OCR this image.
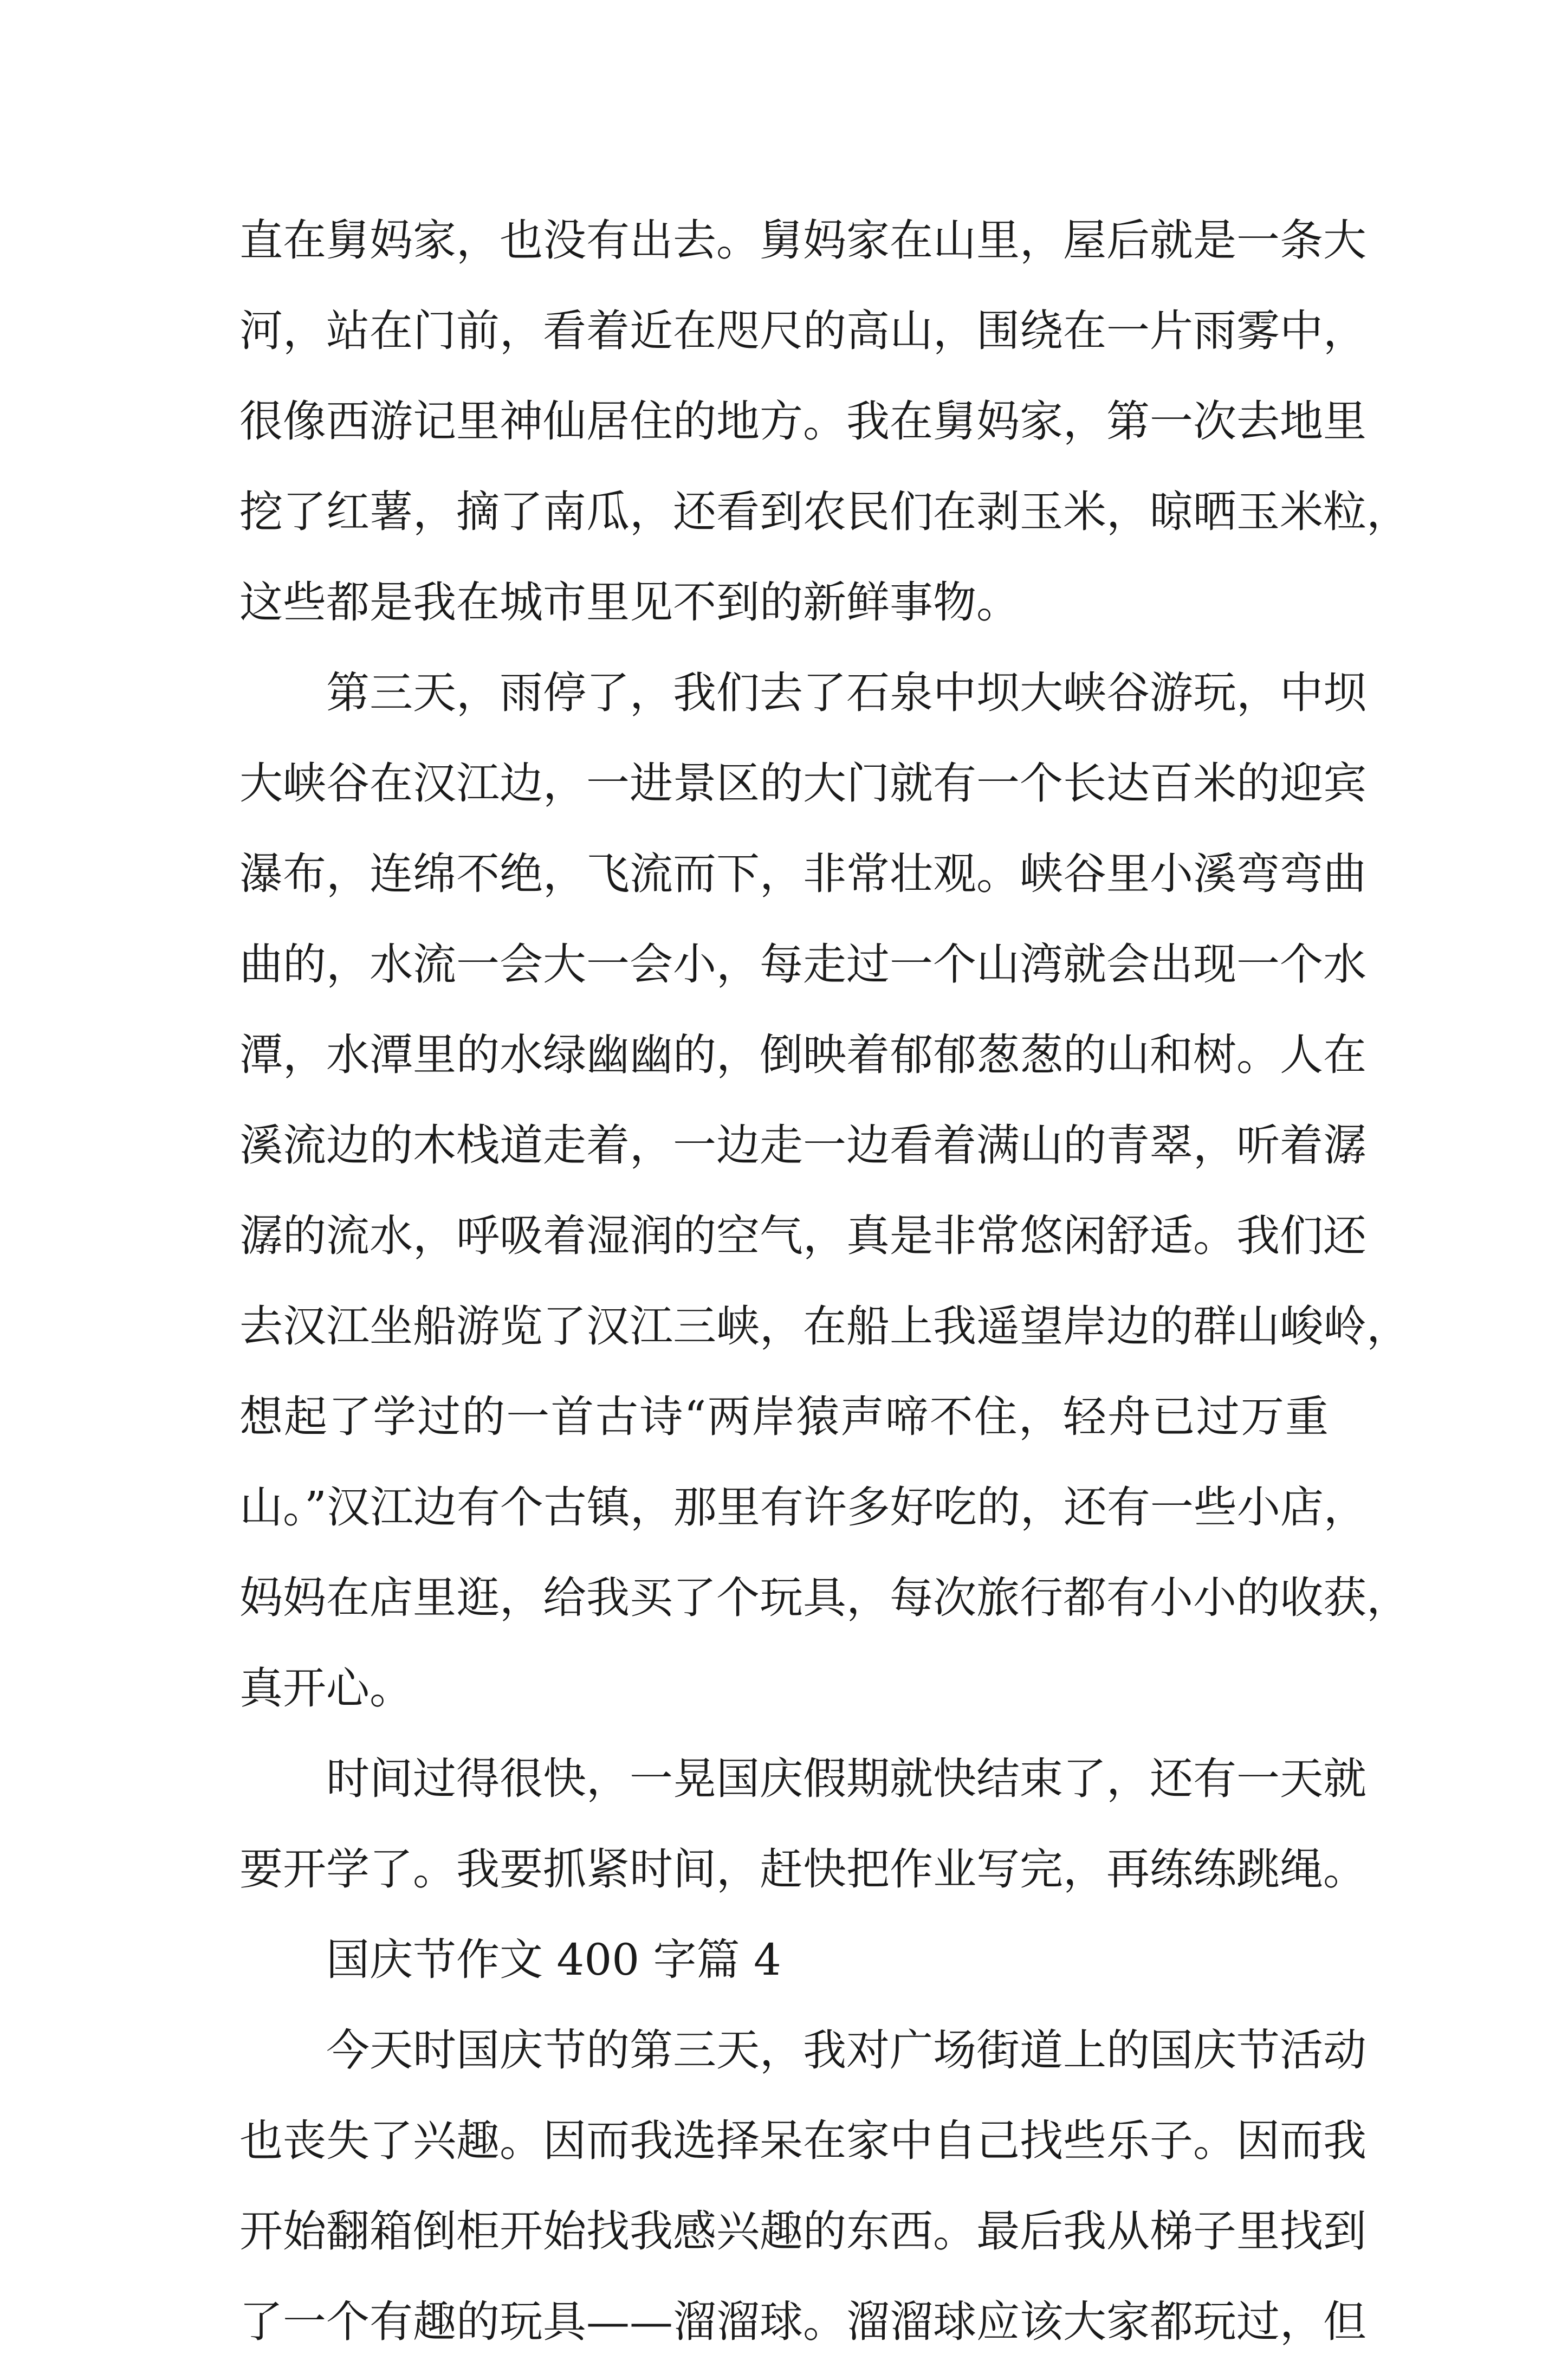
直在舅妈家，也没有出去。舅妈家在山里，屋后就是一条大
河，站在门前，看着近在咫尺的高山，围绕在一片雨雾中，
很像西游记里神仙居住的地方。我在舅妈家，第一次去地里
挖了红薯，摘了南瓜，还看到农民们在剥玉米，晾晒玉米粒，
这些都是我在城市里见不到的新鲜事物。
第三天，雨停了，我们去了石泉中坝大峡谷游玩，中坝
大峡谷在汉江边，一进景区的大门就有一个长达百米的迎宾
瀑布，连绵不绝，飞流而下，非常壮观。峡谷里小溪弯弯曲
曲的，水流一会大一会小，每走过一个山湾就会出现一个水
潭，水潭里的水绿幽幽的，倒映着郁郁葱葱的山和树。人在
溪流边的木栈道走着，一边走一边看着满山的青翠，听着潺
潺的流水，呼吸着湿润的空气，真是非常悠闲舒适。我们还
去汉江坐船游览了汉江三峡，在船上我遥望岸边的群山峻岭，
想起了学过的一首古诗“两岸猿声啼不住，轻舟已过万重
山。”汉江边有个古镇，那里有许多好吃的，还有一些小店，
妈妈在店里逛，给我买了个玩具，每次旅行都有小小的收获，
真开心。
时间过得很快，一晃国庆假期就快结束了，还有一天就
要开学了。我要抓紧时间，赶快把作业写完，再练练跳绳。
国庆节作文 400 字篇 4
今天时国庆节的第三天，我对广场街道上的国庆节活动
也丧失了兴趣。因而我选择呆在家中自己找些乐子。因而我
开始翻箱倒柜开始找我感兴趣的东西。最后我从梯子里找到
了一个有趣的玩具——溜溜球。溜溜球应该大家都玩过，但
